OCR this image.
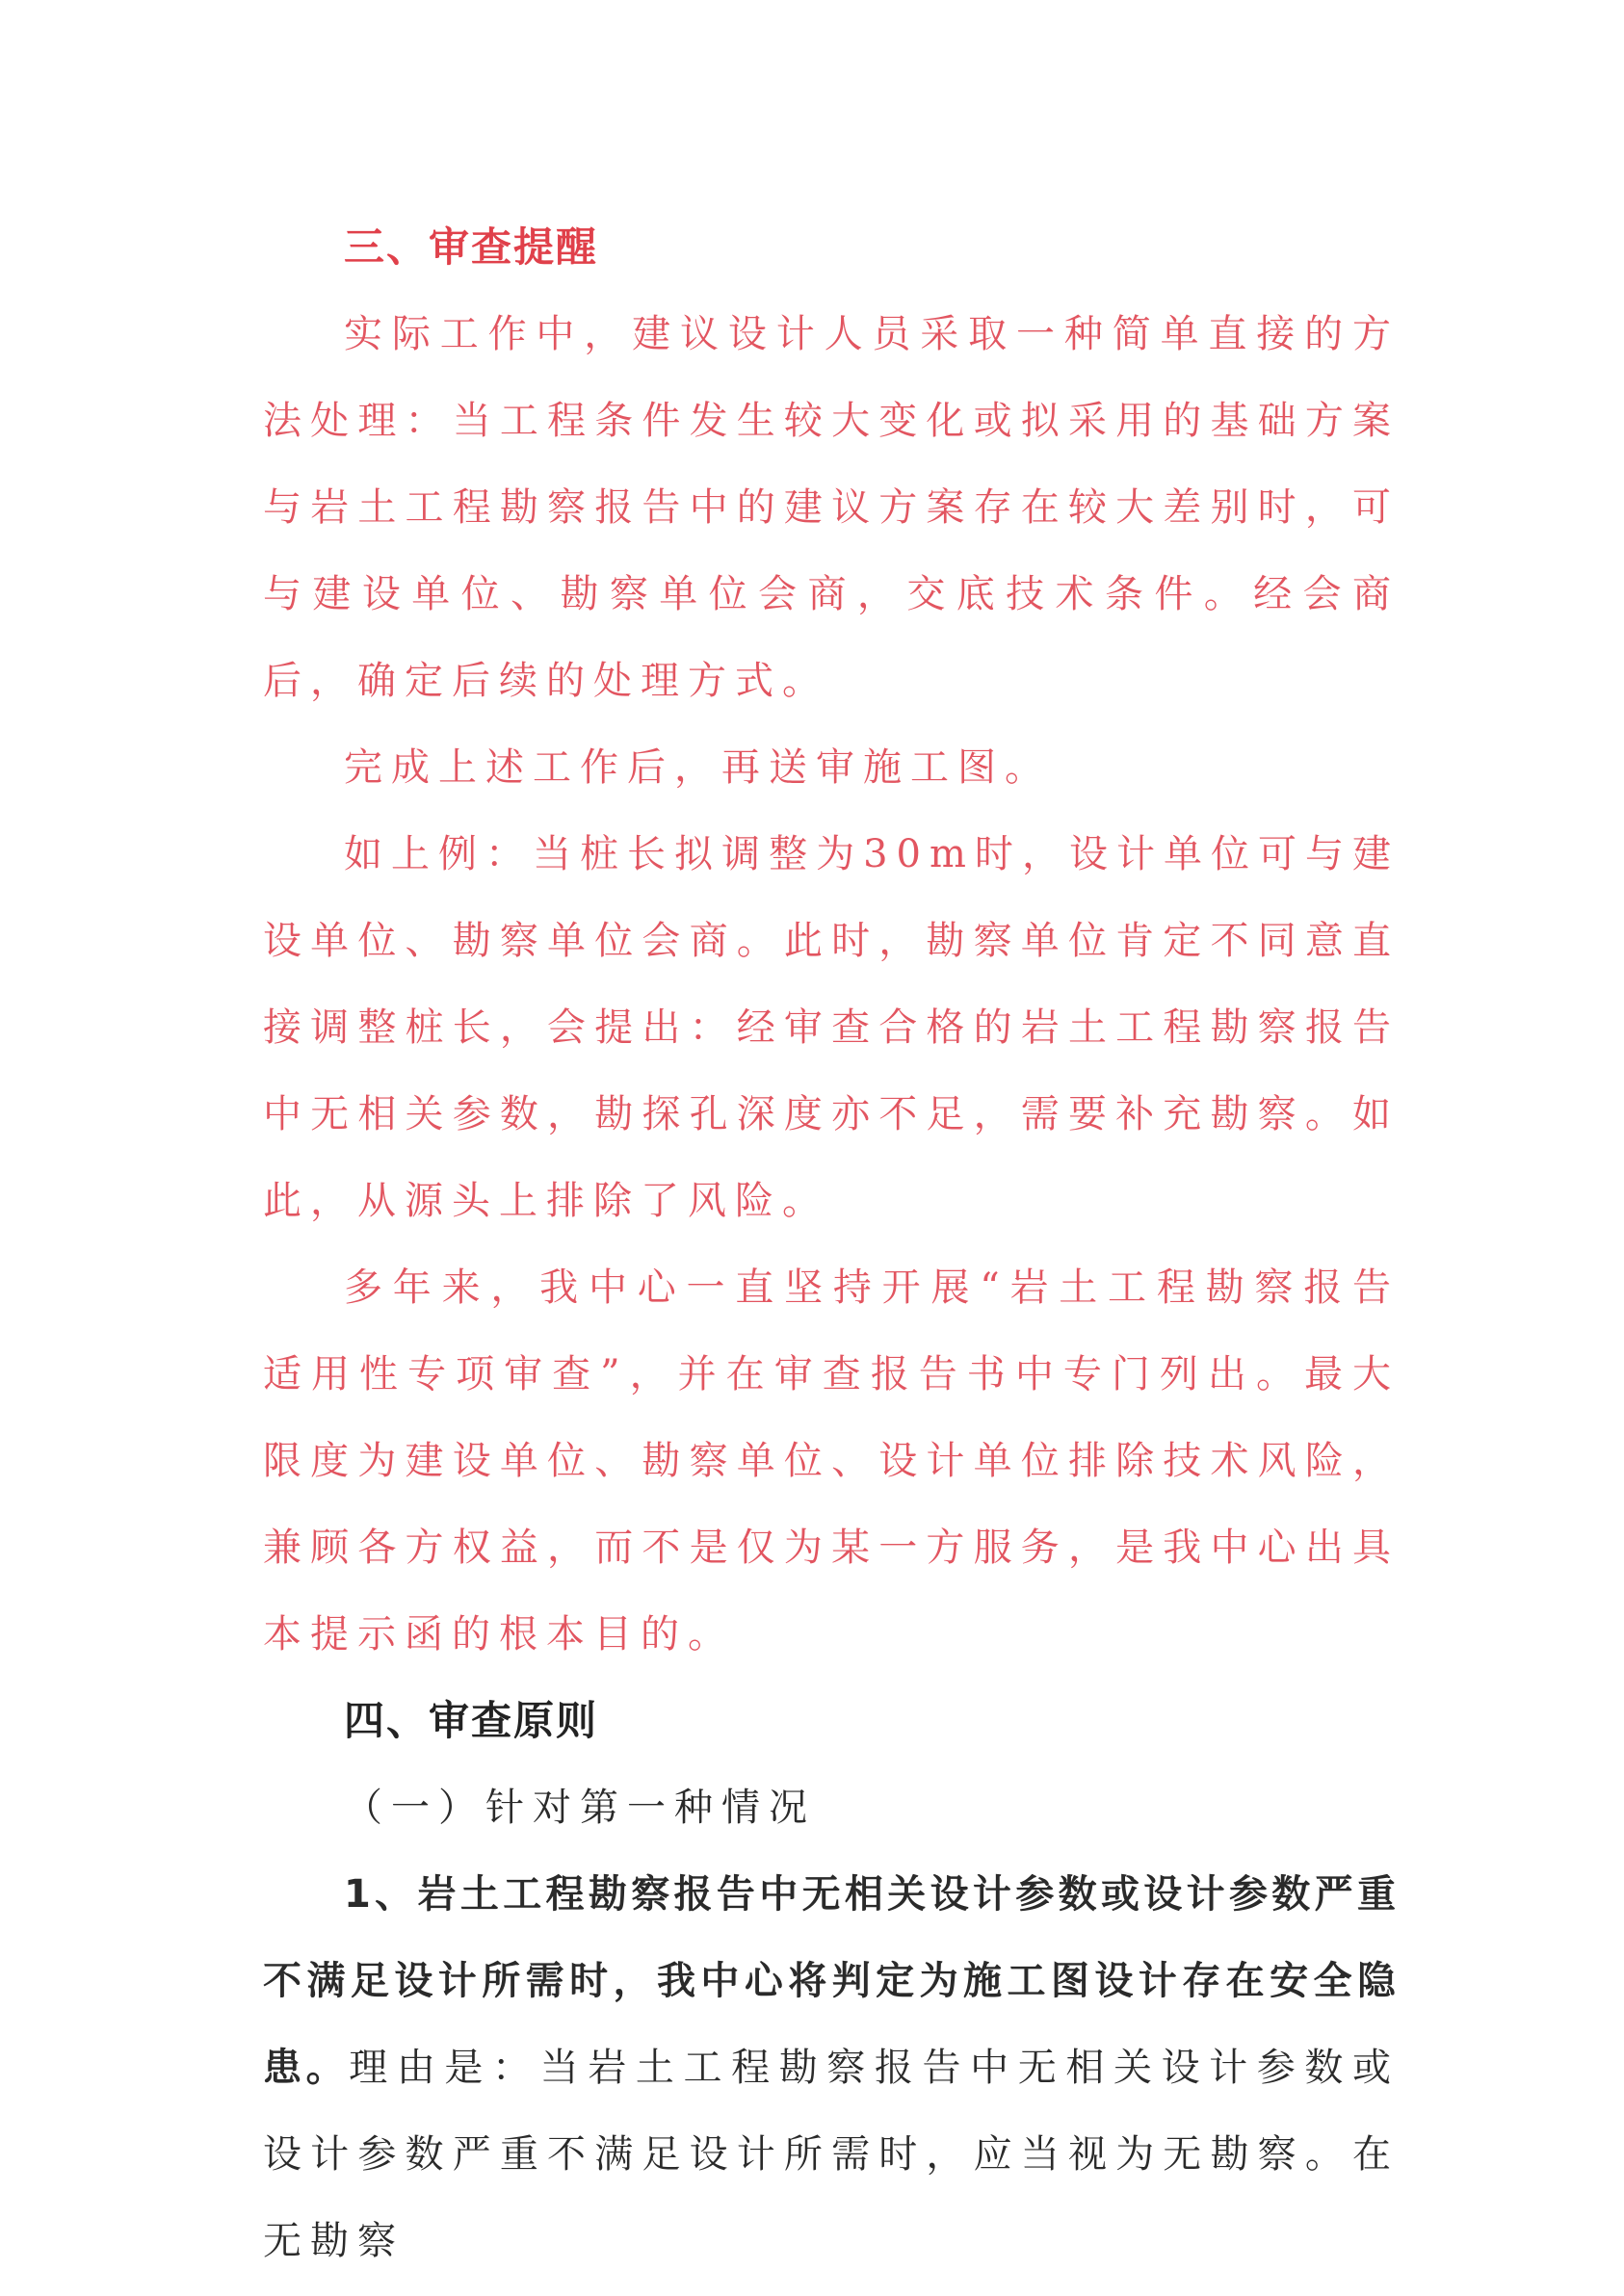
三、审查提醒

实际工作中，建议设计人员采取一种简单直接的方法处理：当工程条件发生较大变化或拟采用的基础方案与岩土工程勘察报告中的建议方案存在较大差别时，可与建设单位、勘察单位会商，交底技术条件。经会商后，确定后续的处理方式。

完成上述工作后，再送审施工图。

如上例：当桩长拟调整为30m时，设计单位可与建设单位、勘察单位会商。此时，勘察单位肯定不同意直接调整桩长，会提出：经审查合格的岩土工程勘察报告中无相关参数，勘探孔深度亦不足，需要补充勘察。如此，从源头上排除了风险。

多年来，我中心一直坚持开展“岩土工程勘察报告适用性专项审查”，并在审查报告书中专门列出。最大限度为建设单位、勘察单位、设计单位排除技术风险，兼顾各方权益，而不是仅为某一方服务，是我中心出具本提示函的根本目的。

四、审查原则

（一）针对第一种情况

1、岩土工程勘察报告中无相关设计参数或设计参数严重不满足设计所需时，我中心将判定为施工图设计存在安全隐患。理由是：当岩土工程勘察报告中无相关设计参数或设计参数严重不满足设计所需时，应当视为无勘察。在无勘察
